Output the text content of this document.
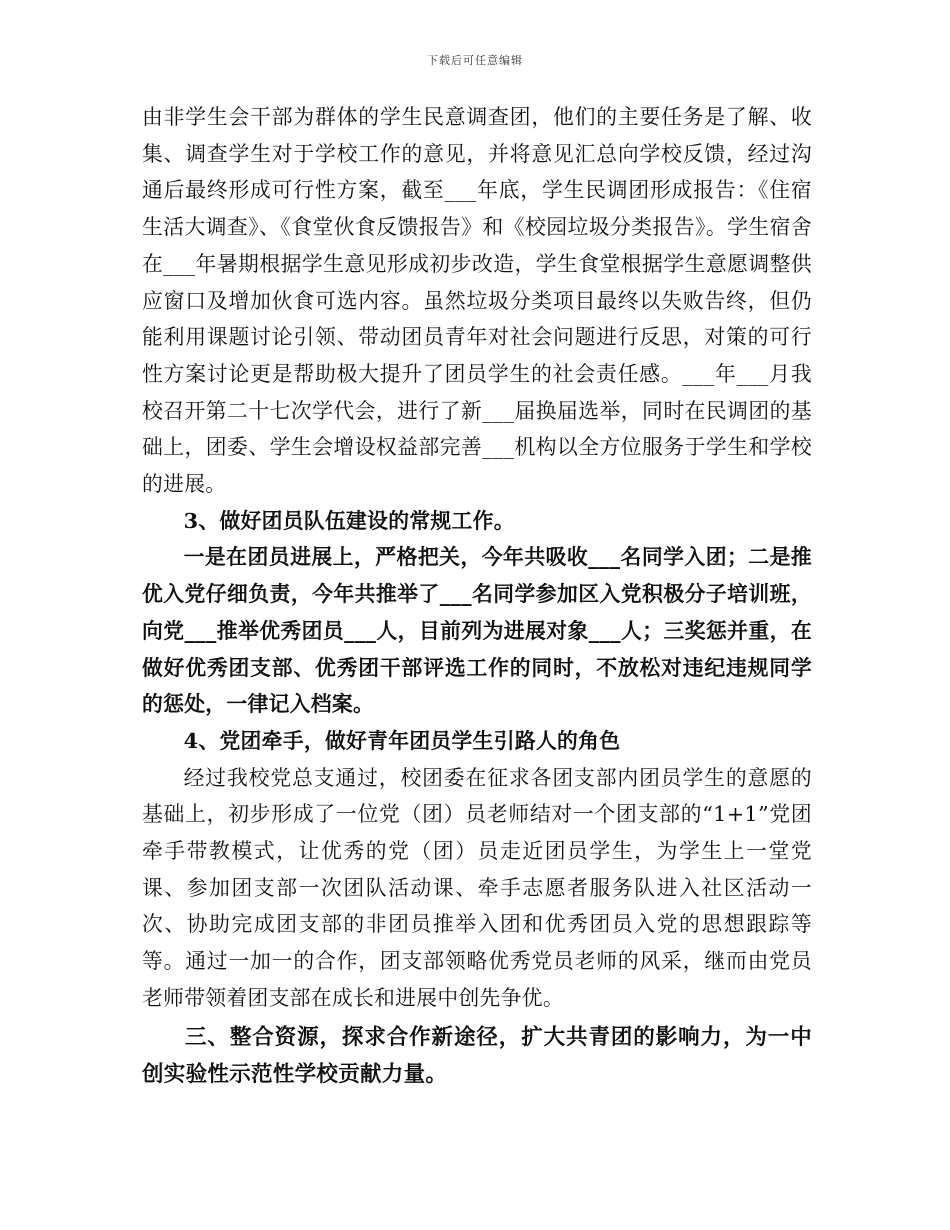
下载后可任意编辑

由非学生会干部为群体的学生民意调查团，他们的主要任务是了解、收集、调查学生对于学校工作的意见，并将意见汇总向学校反馈，经过沟通后最终形成可行性方案，截至___年底，学生民调团形成报告：《住宿生活大调查》、《食堂伙食反馈报告》和《校园垃圾分类报告》。学生宿舍在___年暑期根据学生意见形成初步改造，学生食堂根据学生意愿调整供应窗口及增加伙食可选内容。虽然垃圾分类项目最终以失败告终，但仍能利用课题讨论引领、带动团员青年对社会问题进行反思，对策的可行性方案讨论更是帮助极大提升了团员学生的社会责任感。___年___月我校召开第二十七次学代会，进行了新___届换届选举，同时在民调团的基础上，团委、学生会增设权益部完善___机构以全方位服务于学生和学校的进展。

3、做好团员队伍建设的常规工作。

一是在团员进展上，严格把关，今年共吸收___名同学入团；二是推优入党仔细负责，今年共推举了___名同学参加区入党积极分子培训班，向党___推举优秀团员___人，目前列为进展对象___人；三奖惩并重，在做好优秀团支部、优秀团干部评选工作的同时，不放松对违纪违规同学的惩处，一律记入档案。

4、党团牵手，做好青年团员学生引路人的角色

经过我校党总支通过，校团委在征求各团支部内团员学生的意愿的基础上，初步形成了一位党（团）员老师结对一个团支部的“1+1”党团牵手带教模式，让优秀的党（团）员走近团员学生，为学生上一堂党课、参加团支部一次团队活动课、牵手志愿者服务队进入社区活动一次、协助完成团支部的非团员推举入团和优秀团员入党的思想跟踪等等。通过一加一的合作，团支部领略优秀党员老师的风采，继而由党员老师带领着团支部在成长和进展中创先争优。

三、整合资源，探求合作新途径，扩大共青团的影响力，为一中创实验性示范性学校贡献力量。
